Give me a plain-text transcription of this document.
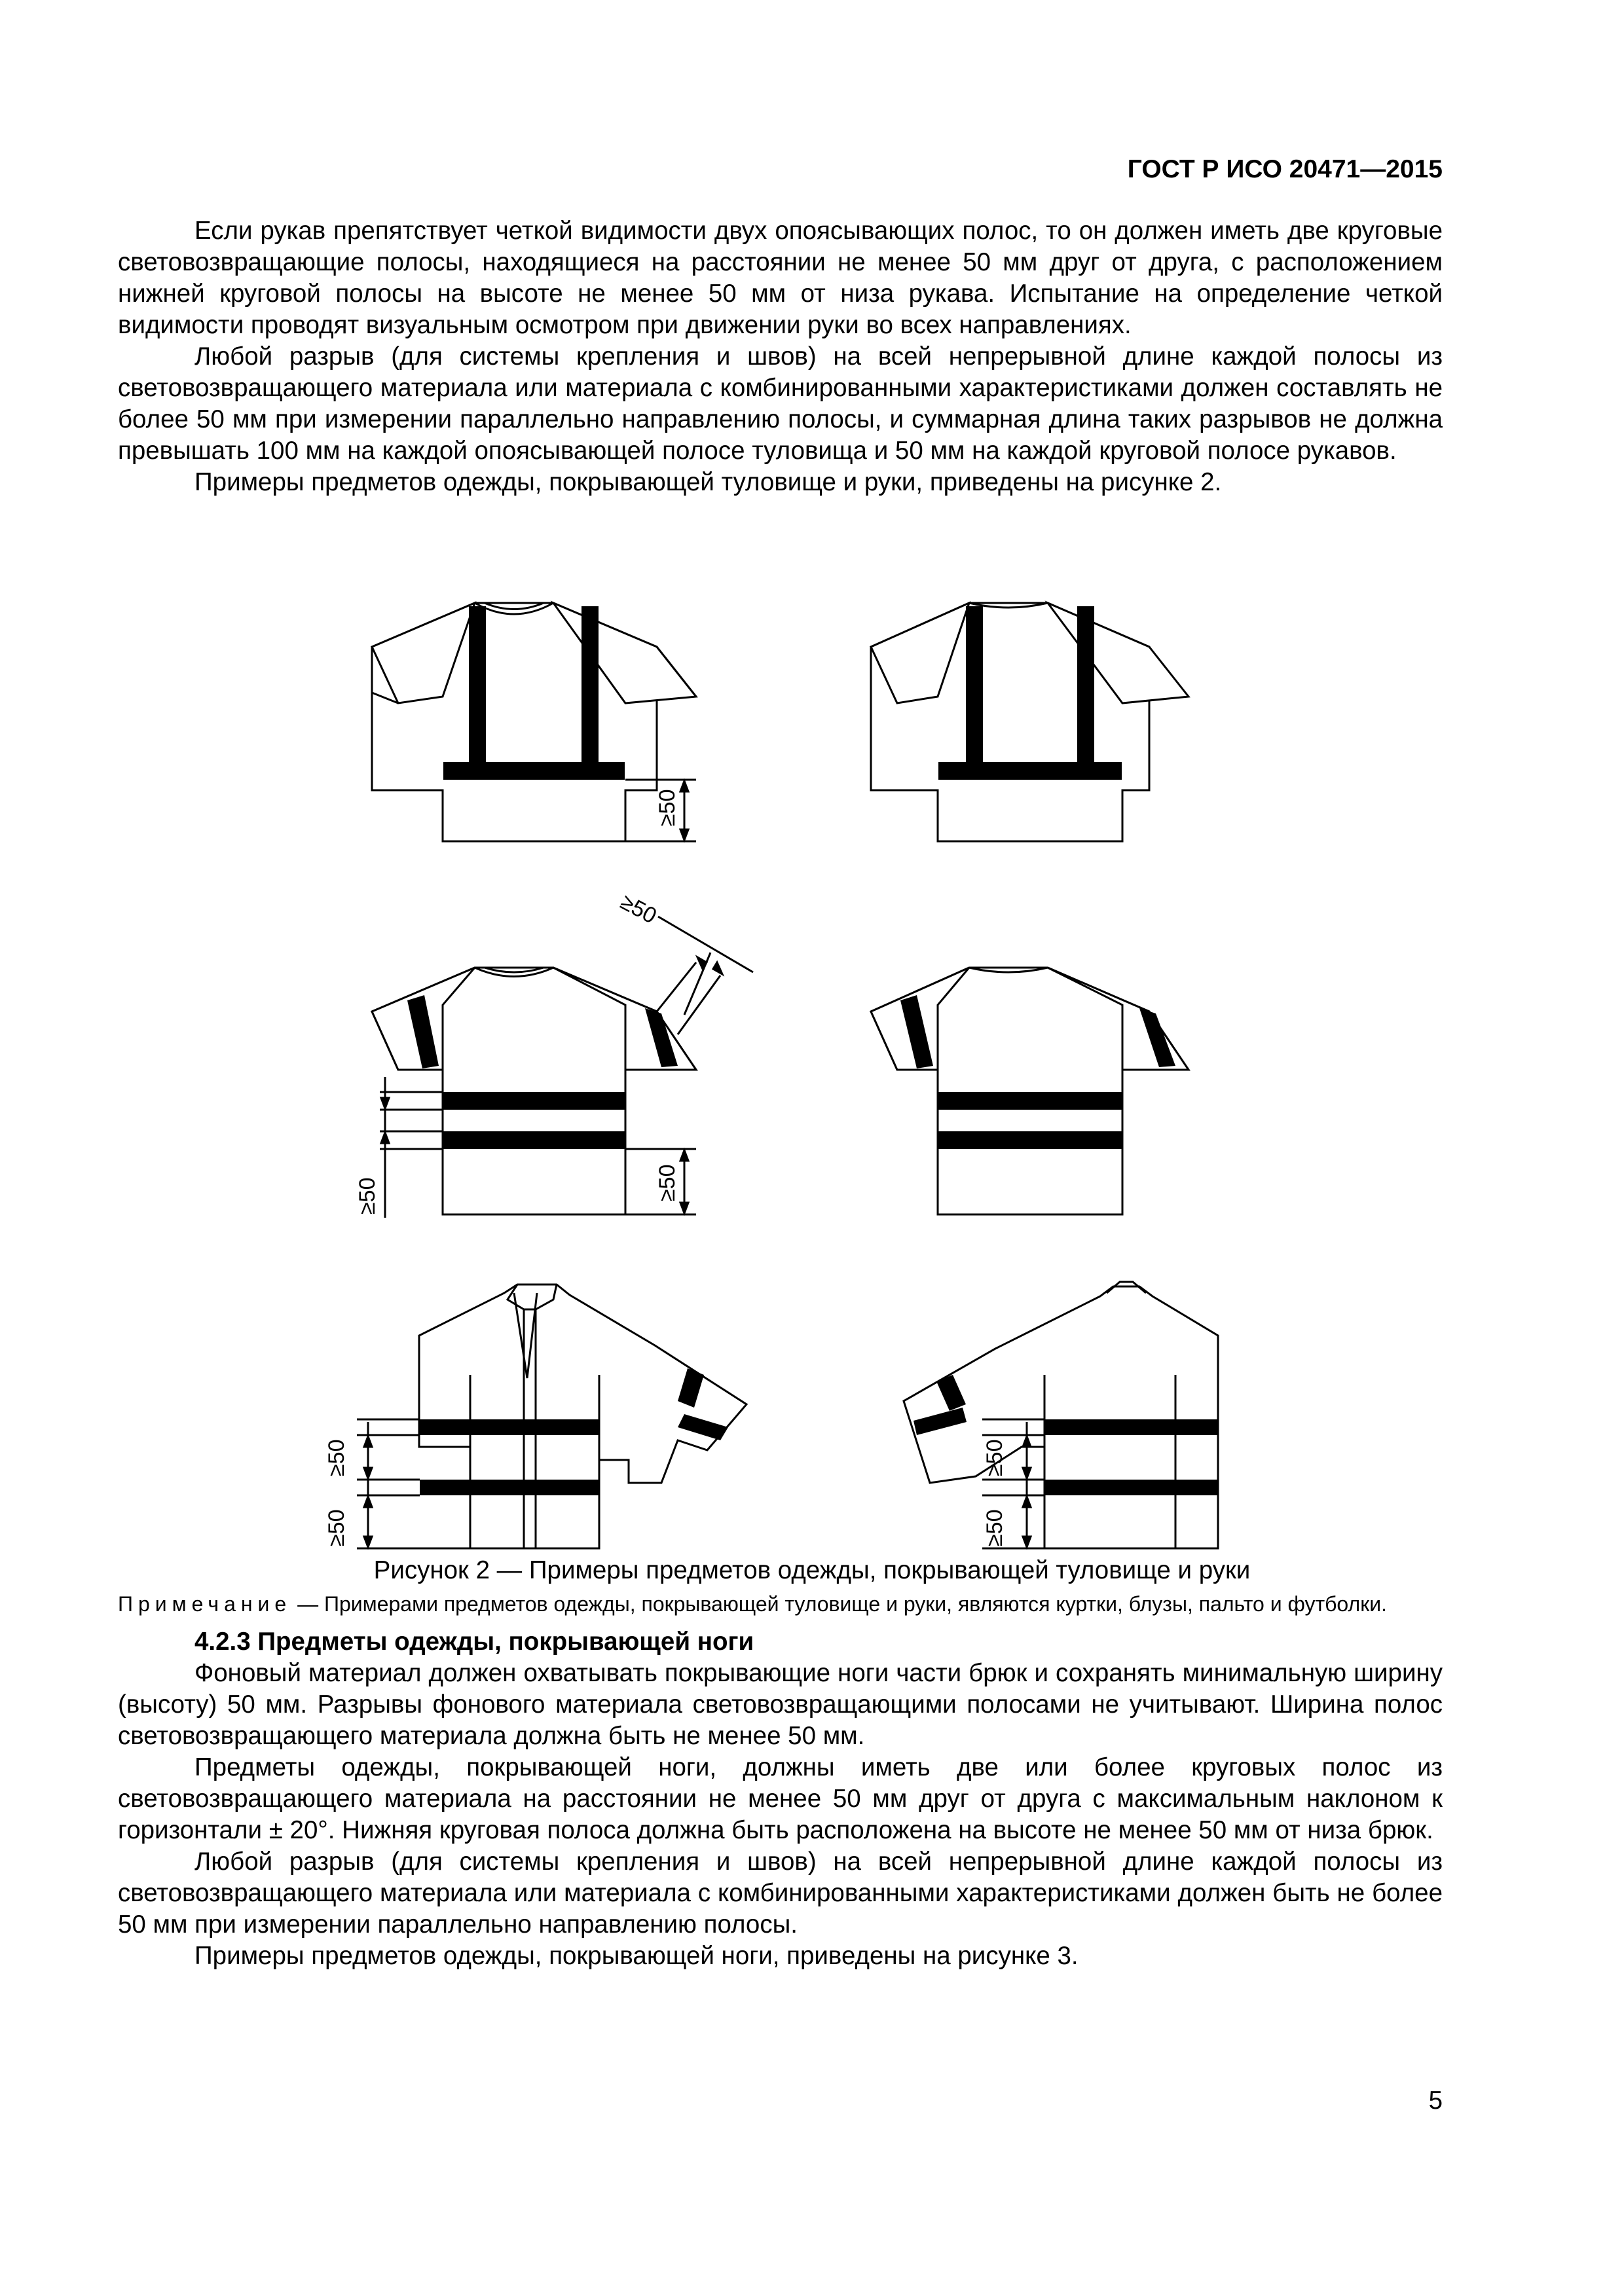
ГОСТ Р ИСО 20471—2015

Если рукав препятствует четкой видимости двух опоясывающих полос, то он должен иметь две круговые световозвращающие полосы, находящиеся на расстоянии не менее 50 мм друг от друга, с расположением нижней круговой полосы на высоте не менее 50 мм от низа рукава. Испытание на определение четкой видимости проводят визуальным осмотром при движении руки во всех направлениях.

Любой разрыв (для системы крепления и швов) на всей непрерывной длине каждой полосы из световозвращающего материала или материала с комбинированными характеристиками должен составлять не более 50 мм при измерении параллельно направлению полосы, и суммарная длина таких разрывов не должна превышать 100 мм на каждой опоясывающей полосе туловища и 50 мм на каждой круговой полосе рукавов.

Примеры предметов одежды, покрывающей туловище и руки, приведены на рисунке 2.

≥50
≥50
≥50	≥50
≥50
≥50
≥50
≥50
Рисунок 2 — Примеры предметов одежды, покрывающей туловище и руки

Примечание — Примерами предметов одежды, покрывающей туловище и руки, являются куртки, блузы, пальто и футболки.

4.2.3 Предметы одежды, покрывающей ноги

Фоновый материал должен охватывать покрывающие ноги части брюк и сохранять минимальную ширину (высоту) 50 мм. Разрывы фонового материала световозвращающими полосами не учитывают. Ширина полос световозвращающего материала должна быть не менее 50 мм.

Предметы одежды, покрывающей ноги, должны иметь две или более круговых полос из световозвращающего материала на расстоянии не менее 50 мм друг от друга с максимальным наклоном к горизонтали ± 20°. Нижняя круговая полоса должна быть расположена на высоте не менее 50 мм от низа брюк.

Любой разрыв (для системы крепления и швов) на всей непрерывной длине каждой полосы из световозвращающего материала или материала с комбинированными характеристиками должен быть не более 50 мм при измерении параллельно направлению полосы.

Примеры предметов одежды, покрывающей ноги, приведены на рисунке 3.

5
